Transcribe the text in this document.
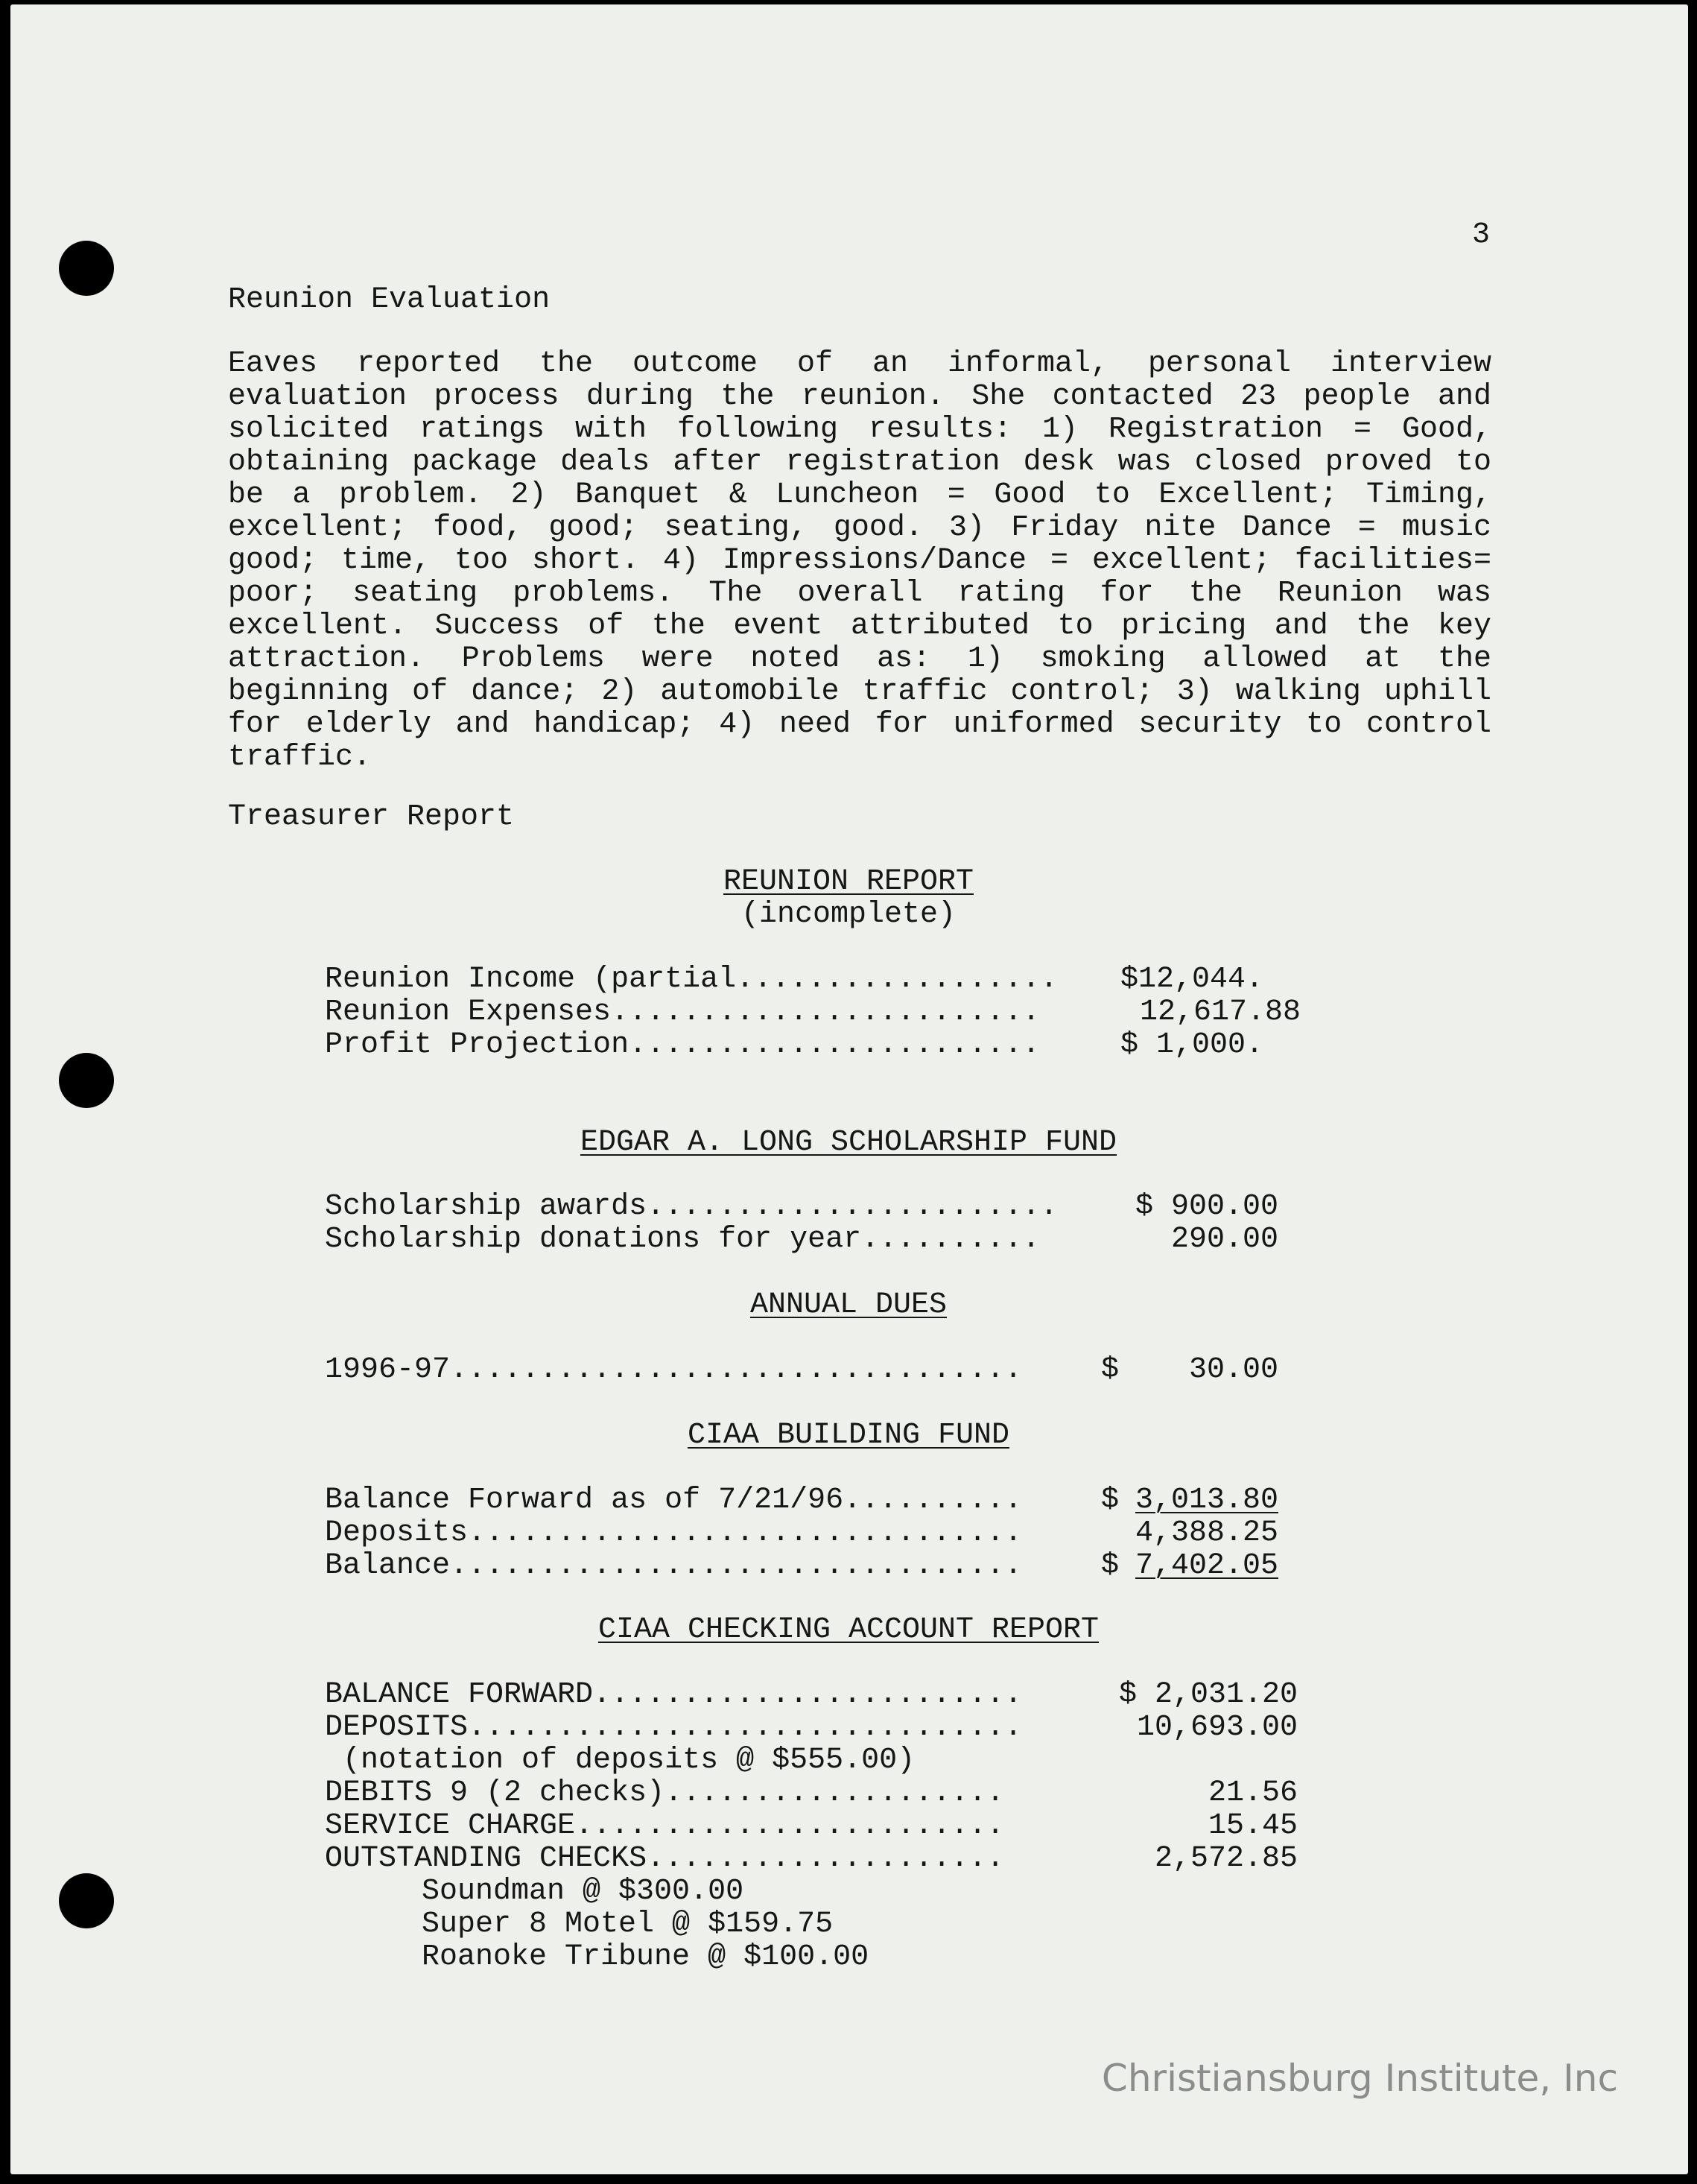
3
Reunion Evaluation

Eaves reported the outcome of an informal, personal interview evaluation process during the reunion. She contacted 23 people and solicited ratings with following results: 1) Registration = Good, obtaining package deals after registration desk was closed proved to be a problem. 2) Banquet & Luncheon = Good to Excellent; Timing, excellent; food, good; seating, good. 3) Friday nite Dance = music good; time, too short. 4) Impressions/Dance = excellent; facilities= poor; seating problems. The overall rating for the Reunion was excellent. Success of the event attributed to pricing and the key attraction. Problems were noted as: 1) smoking allowed at the beginning of dance; 2) automobile traffic control; 3) walking uphill for elderly and handicap; 4) need for uniformed security to control traffic.

Treasurer Report
REUNION REPORT
(incomplete)
Reunion Income (partial.................. $12,044.
Reunion Expenses........................	12,617.88
Profit Projection.......................	$ 1,000.
EDGAR A. LONG SCHOLARSHIP FUND
Scholarship awards.......................	$ 900.00
Scholarship donations for year..........	290.00
ANNUAL DUES
1996-97................................	$ 30.00
CIAA BUILDING FUND
Balance Forward as of 7/21/96..........	$ 3,013.80
Deposits...............................	4,388.25
Balance................................	$ 7,402.05
CIAA CHECKING ACCOUNT REPORT
BALANCE FORWARD........................	$ 2,031.20
DEPOSITS...............................	10,693.00
(notation of deposits @ $555.00)
DEBITS 9 (2 checks)...................	21.56
SERVICE CHARGE........................	15.45
OUTSTANDING CHECKS....................	2,572.85
Soundman @ $300.00
Super 8 Motel @ $159.75
Roanoke Tribune @ $100.00
Christiansburg Institute, Inc
